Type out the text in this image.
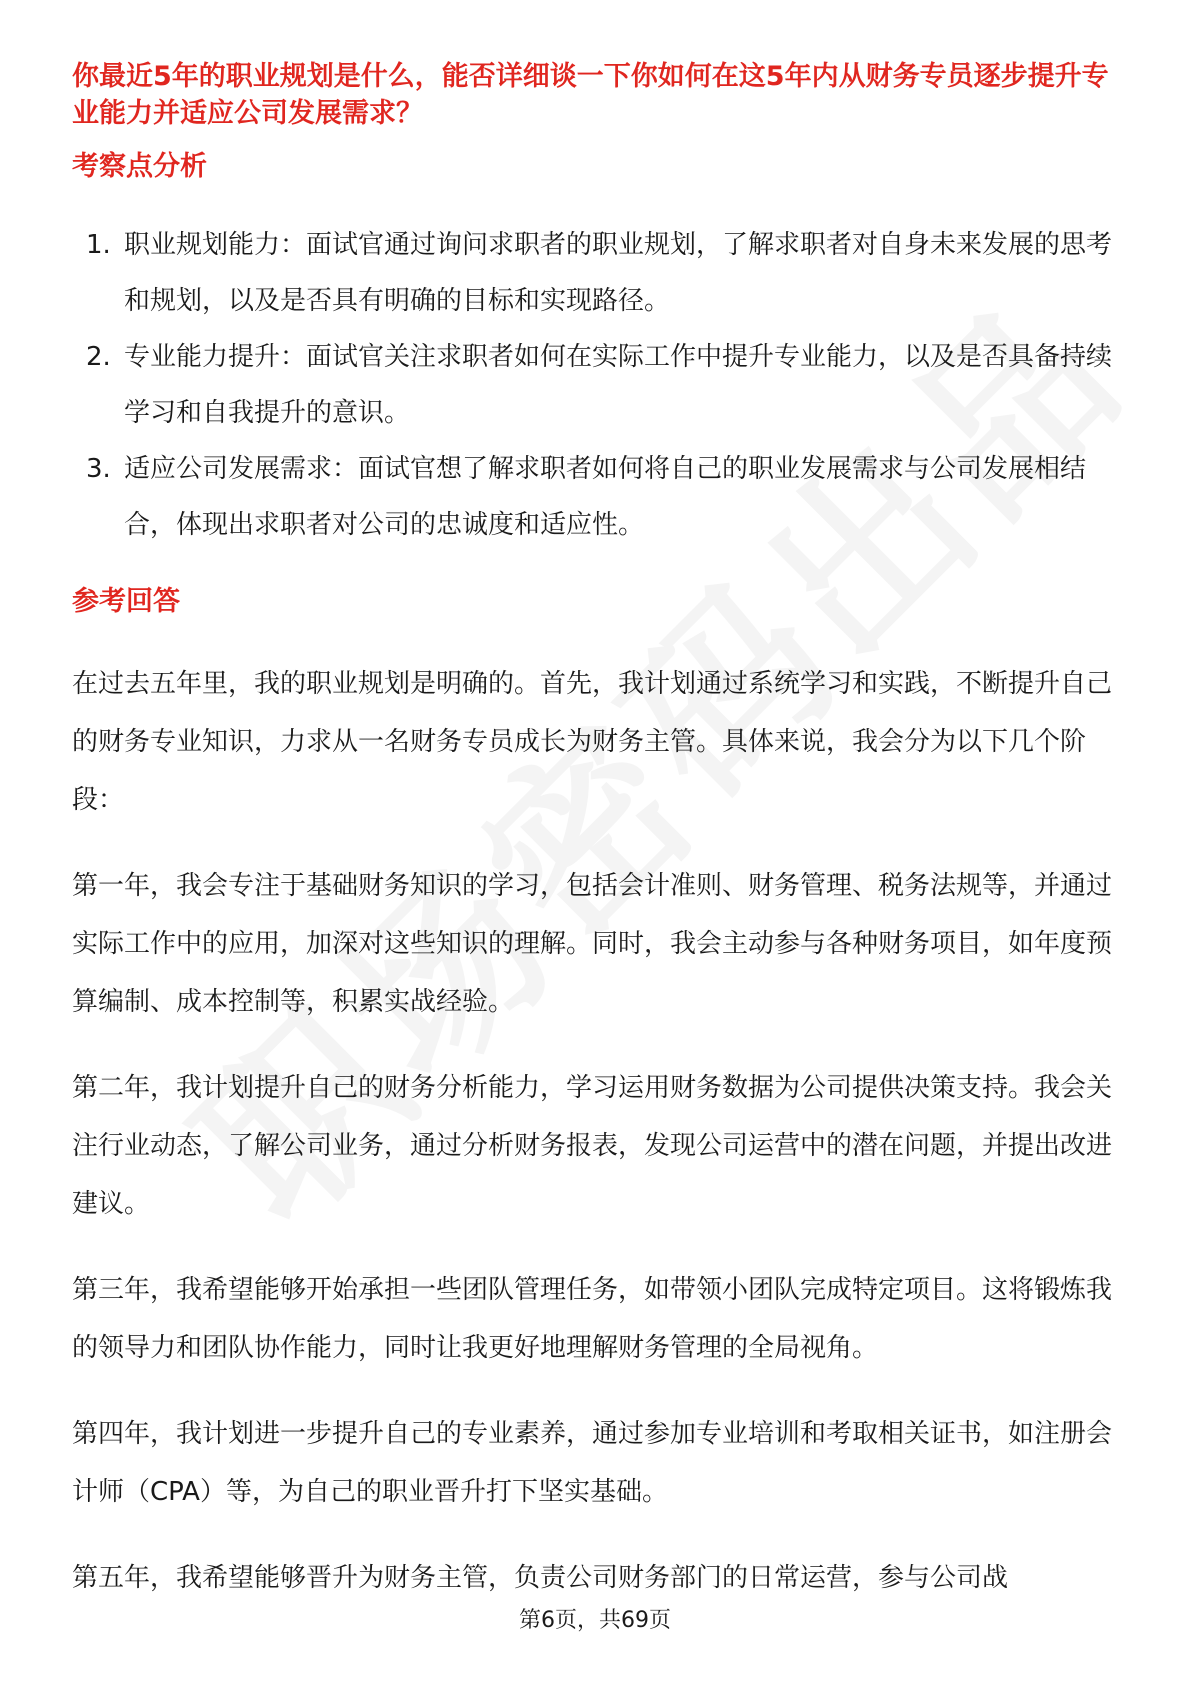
你最近5年的职业规划是什么，能否详细谈一下你如何在这5年内从财务专员逐步提升专业能力并适应公司发展需求？

考察点分析
1. 职业规划能力：面试官通过询问求职者的职业规划，了解求职者对自身未来发展的思考和规划，以及是否具有明确的目标和实现路径。
2. 专业能力提升：面试官关注求职者如何在实际工作中提升专业能力，以及是否具备持续学习和自我提升的意识。
3. 适应公司发展需求：面试官想了解求职者如何将自己的职业发展需求与公司发展相结合，体现出求职者对公司的忠诚度和适应性。
参考回答

在过去五年里，我的职业规划是明确的。首先，我计划通过系统学习和实践，不断提升自己的财务专业知识，力求从一名财务专员成长为财务主管。具体来说，我会分为以下几个阶段：

第一年，我会专注于基础财务知识的学习，包括会计准则、财务管理、税务法规等，并通过实际工作中的应用，加深对这些知识的理解。同时，我会主动参与各种财务项目，如年度预算编制、成本控制等，积累实战经验。

第二年，我计划提升自己的财务分析能力，学习运用财务数据为公司提供决策支持。我会关注行业动态，了解公司业务，通过分析财务报表，发现公司运营中的潜在问题，并提出改进建议。

第三年，我希望能够开始承担一些团队管理任务，如带领小团队完成特定项目。这将锻炼我的领导力和团队协作能力，同时让我更好地理解财务管理的全局视角。

第四年，我计划进一步提升自己的专业素养，通过参加专业培训和考取相关证书，如注册会计师（CPA）等，为自己的职业晋升打下坚实基础。

第五年，我希望能够晋升为财务主管，负责公司财务部门的日常运营，参与公司战

第6页，共69页
